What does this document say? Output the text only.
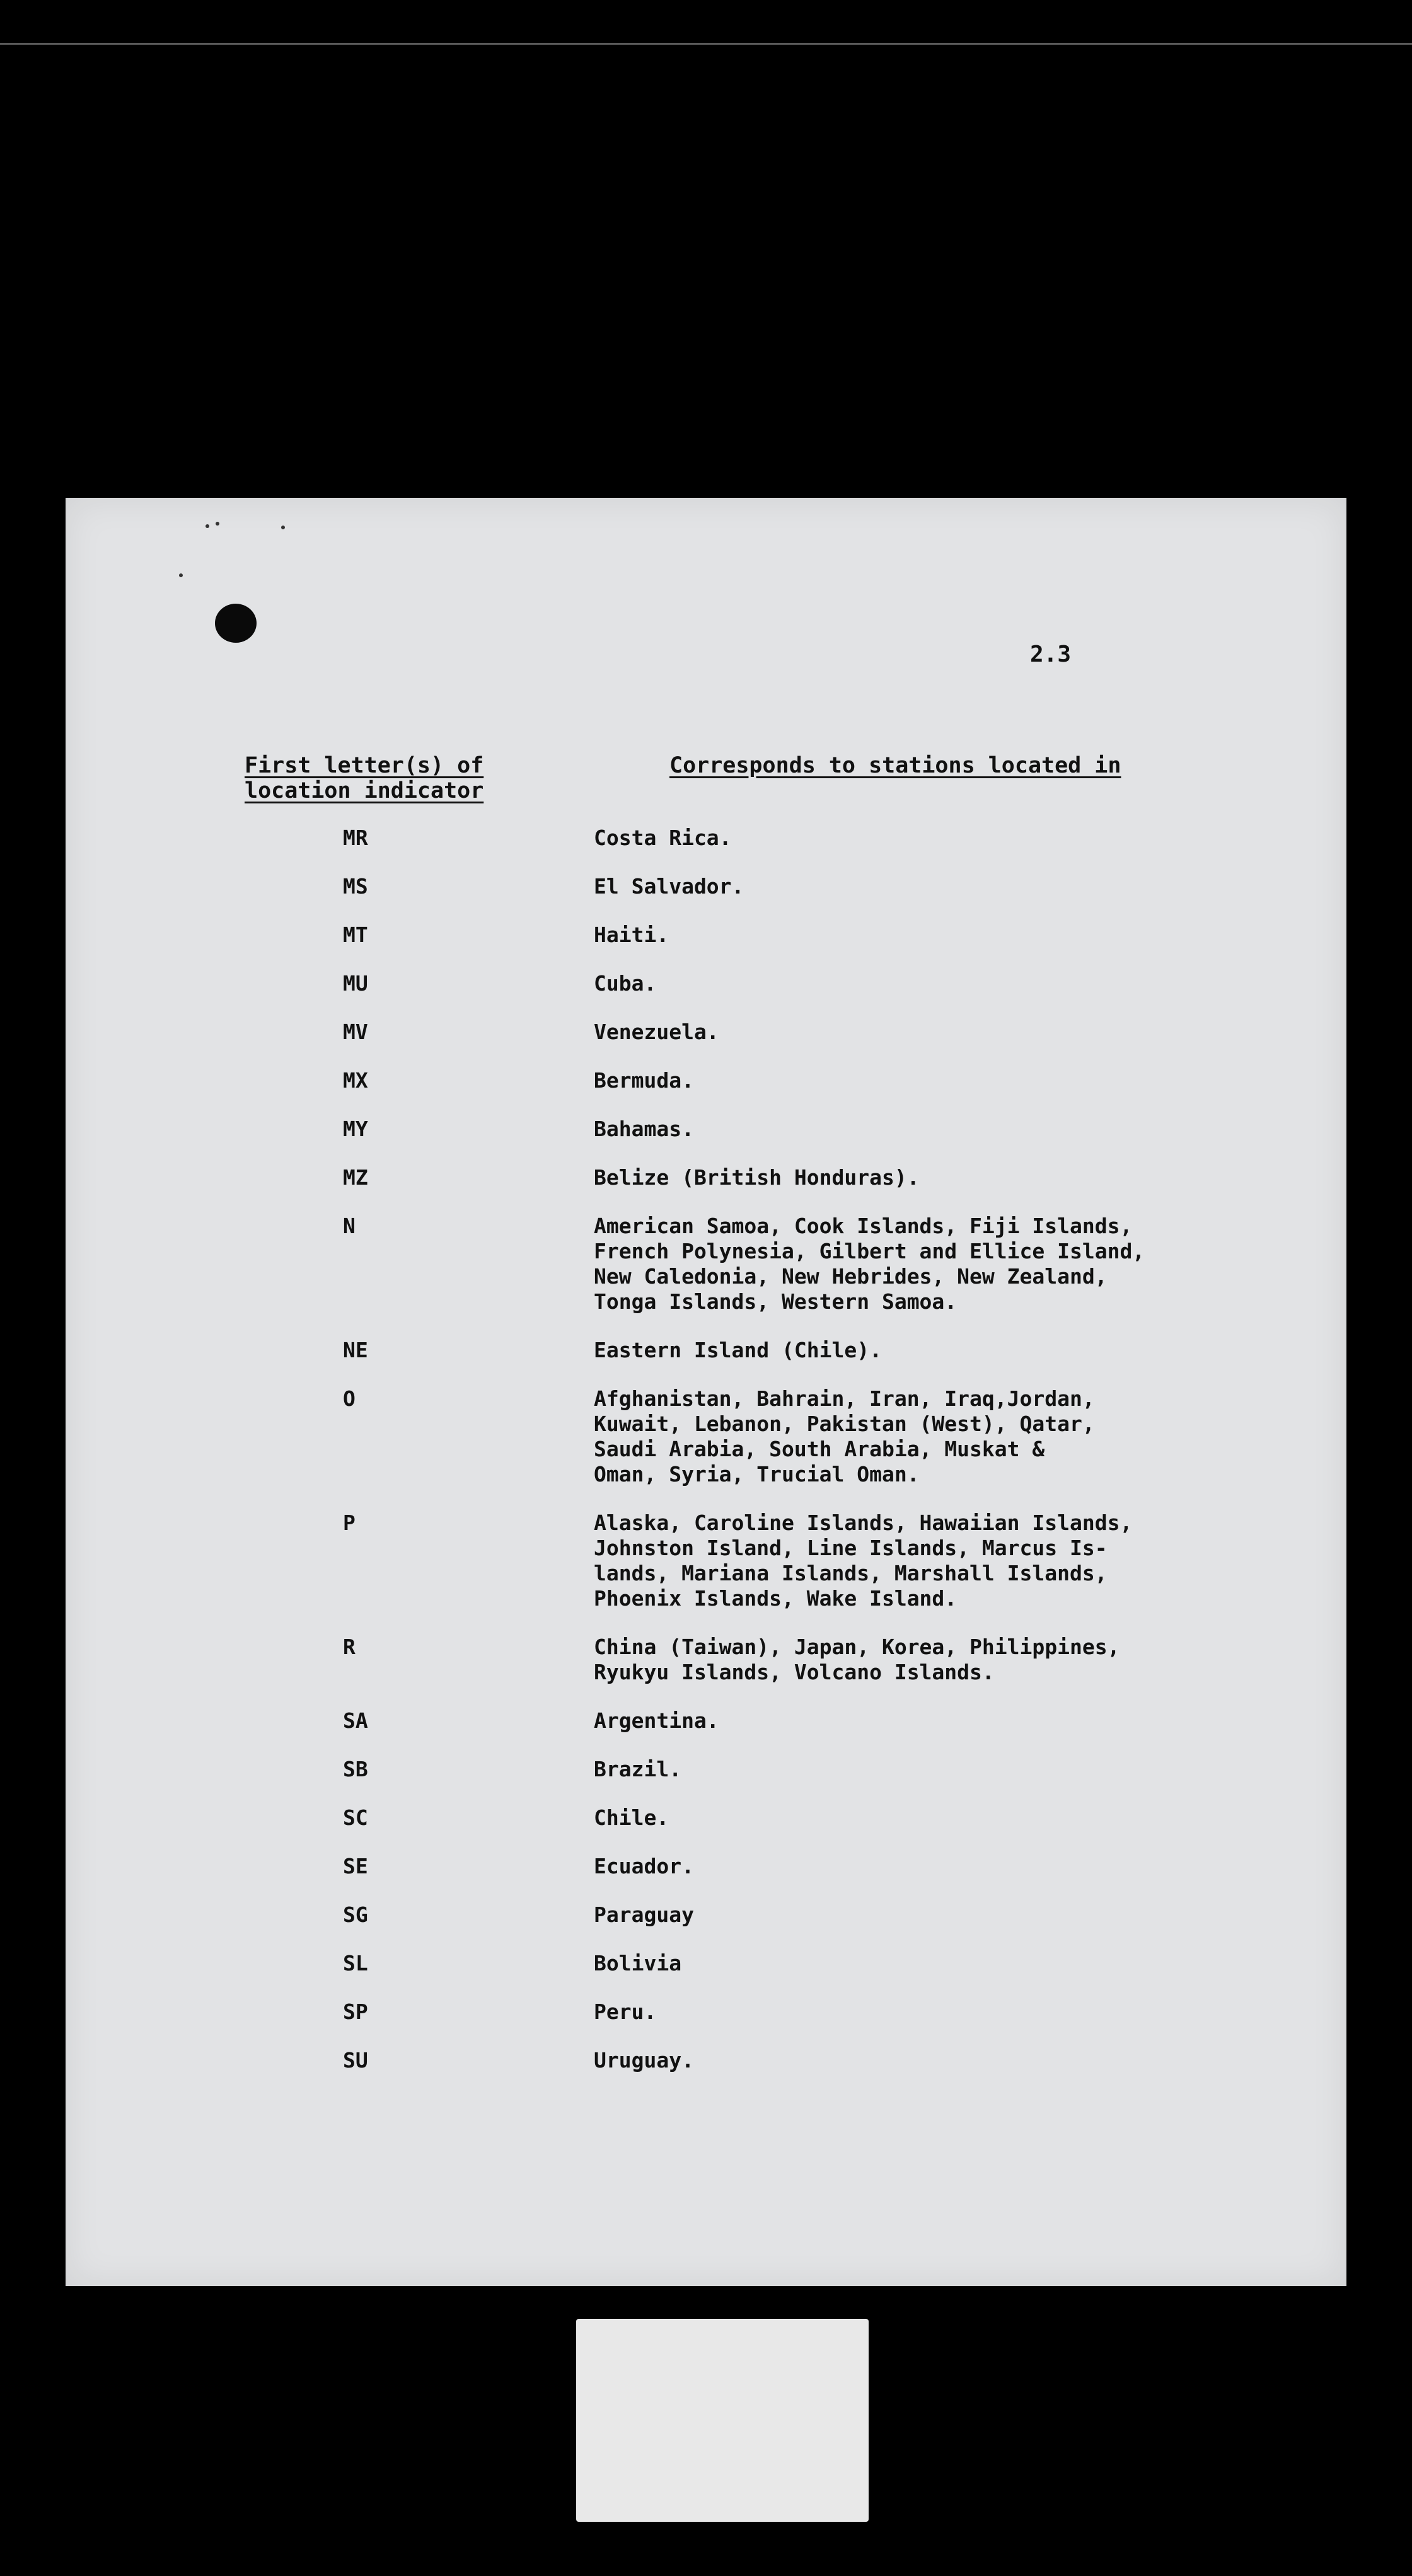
2.3
First letter(s) of
location indicator
Corresponds to stations located in
MR	Costa Rica.
MS	El Salvador.
MT	Haiti.
MU	Cuba.
MV	Venezuela.
MX	Bermuda.
MY	Bahamas.
MZ	Belize (British Honduras).
N	American Samoa, Cook Islands, Fiji Islands,
French Polynesia, Gilbert and Ellice Island,
New Caledonia, New Hebrides, New Zealand,
Tonga Islands, Western Samoa.
NE	Eastern Island (Chile).
O	Afghanistan, Bahrain, Iran, Iraq,Jordan,
Kuwait, Lebanon, Pakistan (West), Qatar,
Saudi Arabia, South Arabia, Muskat &
Oman, Syria, Trucial Oman.
P	Alaska, Caroline Islands, Hawaiian Islands,
Johnston Island, Line Islands, Marcus Is-
lands, Mariana Islands, Marshall Islands,
Phoenix Islands, Wake Island.
R	China (Taiwan), Japan, Korea, Philippines,
Ryukyu Islands, Volcano Islands.
SA	Argentina.
SB	Brazil.
SC	Chile.
SE	Ecuador.
SG	Paraguay
SL	Bolivia
SP	Peru.
SU	Uruguay.
